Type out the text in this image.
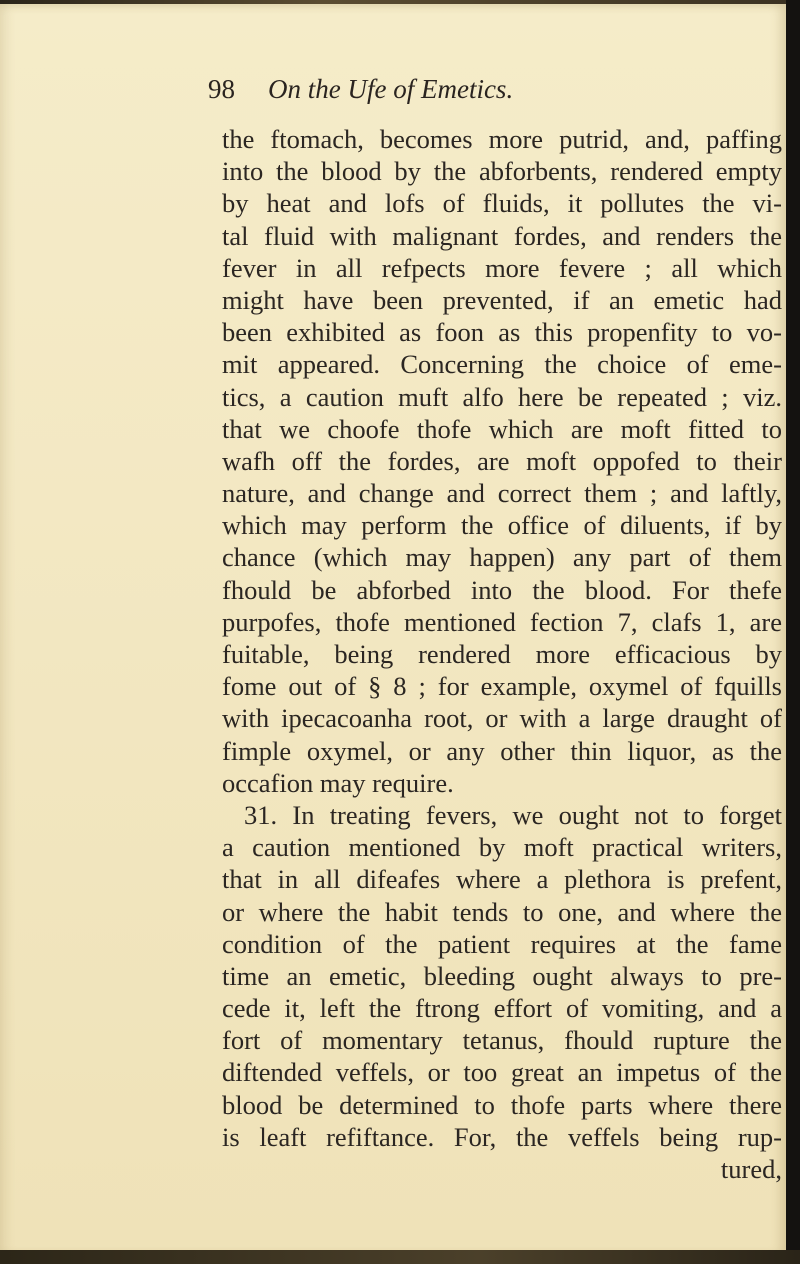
98 On the Ufe of Emetics.
the ftomach, becomes more putrid, and, paffing
into the blood by the abforbents, rendered empty
by heat and lofs of fluids, it pollutes the vi-
tal fluid with malignant fordes, and renders the
fever in all refpects more fevere ; all which
might have been prevented, if an emetic had
been exhibited as foon as this propenfity to vo-
mit appeared. Concerning the choice of eme-
tics, a caution muft alfo here be repeated ; viz.
that we choofe thofe which are moft fitted to
wafh off the fordes, are moft oppofed to their
nature, and change and correct them ; and laftly,
which may perform the office of diluents, if by
chance (which may happen) any part of them
fhould be abforbed into the blood. For thefe
purpofes, thofe mentioned fection 7, clafs 1, are
fuitable, being rendered more efficacious by
fome out of § 8 ; for example, oxymel of fquills
with ipecacoanha root, or with a large draught of
fimple oxymel, or any other thin liquor, as the
occafion may require.
31. In treating fevers, we ought not to forget
a caution mentioned by moft practical writers,
that in all difeafes where a plethora is prefent,
or where the habit tends to one, and where the
condition of the patient requires at the fame
time an emetic, bleeding ought always to pre-
cede it, left the ftrong effort of vomiting, and a
fort of momentary tetanus, fhould rupture the
diftended veffels, or too great an impetus of the
blood be determined to thofe parts where there
is leaft refiftance. For, the veffels being rup-
tured,
